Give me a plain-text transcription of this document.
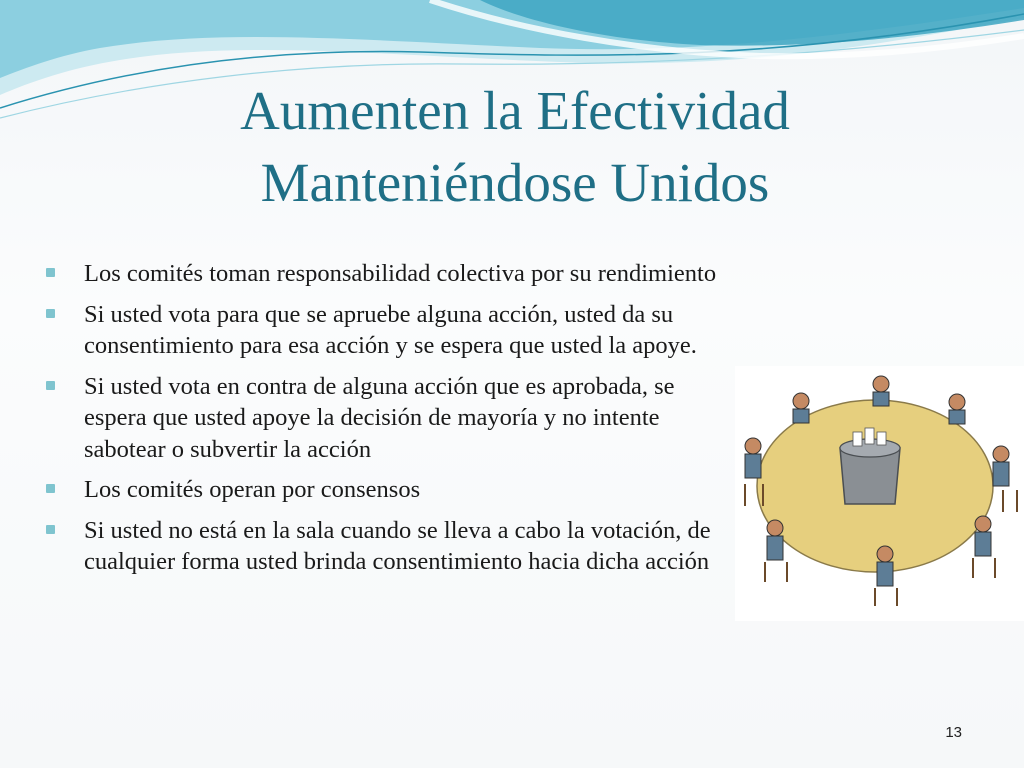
Aumenten la Efectividad
Manteniéndose Unidos
Los comités toman responsabilidad colectiva por su rendimiento
Si usted vota para que se apruebe alguna acción, usted da su consentimiento para esa acción y se espera que usted la apoye.
Si usted vota en contra de alguna acción que es aprobada, se espera que usted apoye la decisión de mayoría y no intente sabotear o subvertir la acción
Los comités operan por consensos
Si usted no está en la sala cuando se lleva a cabo la votación, de cualquier forma usted brinda consentimiento hacia dicha acción
13
